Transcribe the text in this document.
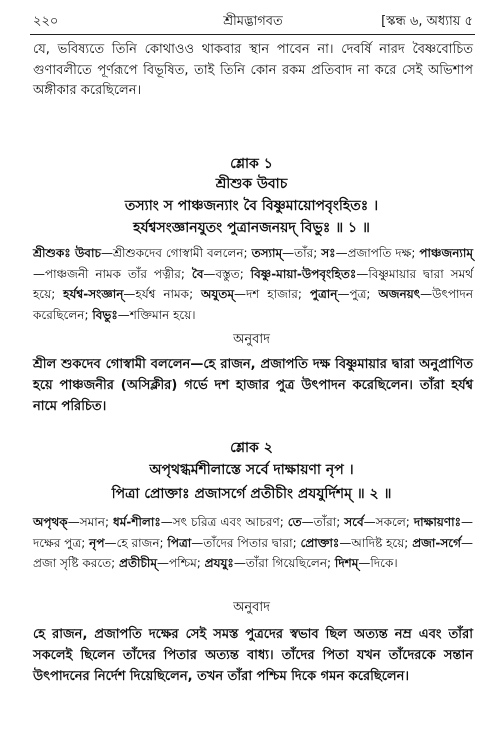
২২০	শ্রীমদ্ভাগবত	[স্কন্ধ ৬, অধ্যায় ৫
যে, ভবিষ্যতে তিনি কোথাওও থাকবার স্থান পাবেন না। দেবর্ষি নারদ বৈষ্ণবোচিত গুণাবলীতে পূর্ণরূপে বিভূষিত, তাই তিনি কোন রকম প্রতিবাদ না করে সেই অভিশাপ অঙ্গীকার করেছিলেন।
শ্লোক ১
শ্রীশুক উবাচ
তস্যাং স পাঞ্চজন্যাং বৈ বিষ্ণুমায়োপবৃংহিতঃ ।
হর্যশ্বসংজ্ঞানযুতং পুত্রানজনয়দ্ বিভুঃ ॥ ১ ॥
শ্রীশুকঃ উবাচ—শ্রীশুকদেব গোস্বামী বললেন; তস্যাম্—তাঁর; সঃ—প্রজাপতি দক্ষ; পাঞ্চজন্যাম্—পাঞ্চজনী নামক তাঁর পত্নীর; বৈ—বস্তুত; বিষ্ণু-মায়া-উপবৃংহিতঃ—বিষ্ণুমায়ার দ্বারা সমর্থ হয়ে; হর্যশ্ব-সংজ্ঞান্—হর্যশ্ব নামক; অযুতম্—দশ হাজার; পুত্রান্—পুত্র; অজনয়ৎ—উৎপাদন করেছিলেন; বিভুঃ—শক্তিমান হয়ে।
অনুবাদ
শ্রীল শুকদেব গোস্বামী বললেন—হে রাজন, প্রজাপতি দক্ষ বিষ্ণুমায়ার দ্বারা অনুপ্রাণিত হয়ে পাঞ্চজনীর (অসিক্লীর) গর্ভে দশ হাজার পুত্র উৎপাদন করেছিলেন। তাঁরা হর্যশ্ব নামে পরিচিত।
শ্লোক ২
অপৃথগ্ধর্মশীলাস্তে সর্বে দাক্ষায়ণা নৃপ ।
পিত্রা প্রোক্তাঃ প্রজাসর্গে প্রতীচীং প্রযযুর্দিশম্ ॥ ২ ॥
অপৃথক্—সমান; ধর্ম-শীলাঃ—সৎ চরিত্র এবং আচরণ; তে—তাঁরা; সর্বে—সকলে; দাক্ষায়ণাঃ—দক্ষের পুত্র; নৃপ—হে রাজন; পিত্রা—তাঁদের পিতার দ্বারা; প্রোক্তাঃ—আদিষ্ট হয়ে; প্রজা-সর্গে—প্রজা সৃষ্টি করতে; প্রতীচীম্—পশ্চিম; প্রযযুঃ—তাঁরা গিয়েছিলেন; দিশম্—দিকে।
অনুবাদ
হে রাজন, প্রজাপতি দক্ষের সেই সমস্ত পুত্রদের স্বভাব ছিল অত্যন্ত নম্র এবং তাঁরা সকলেই ছিলেন তাঁদের পিতার অত্যন্ত বাধ্য। তাঁদের পিতা যখন তাঁদেরকে সন্তান উৎপাদনের নির্দেশ দিয়েছিলেন, তখন তাঁরা পশ্চিম দিকে গমন করেছিলেন।
